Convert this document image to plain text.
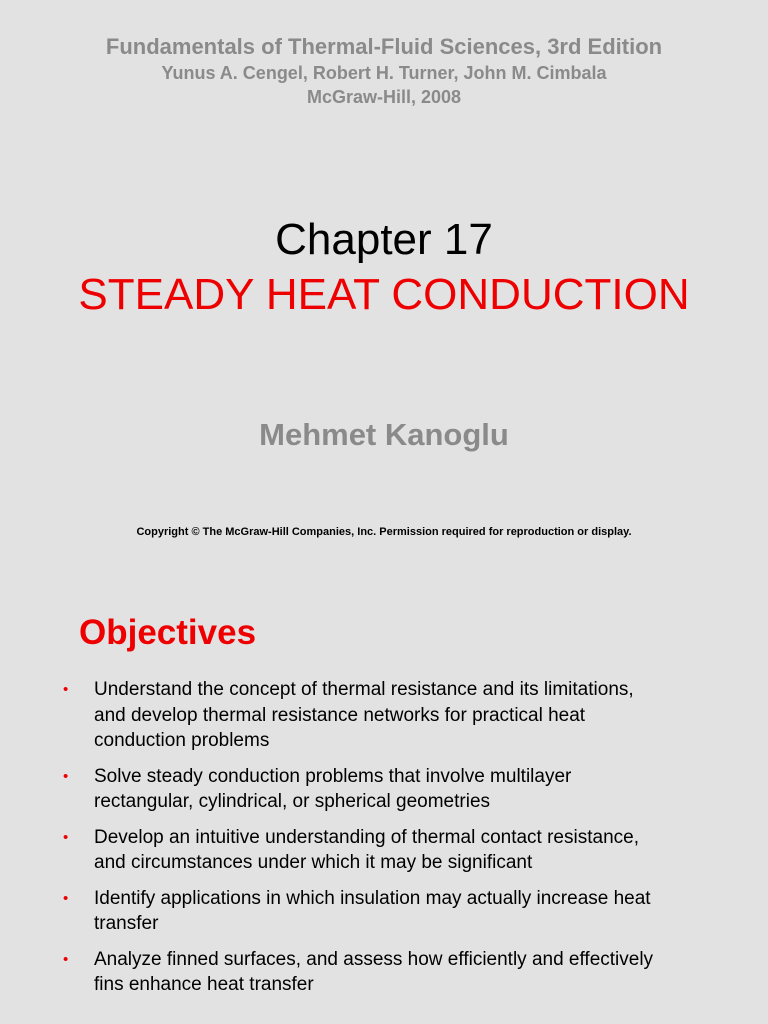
Fundamentals of Thermal-Fluid Sciences, 3rd Edition
Yunus A. Cengel, Robert H. Turner, John M. Cimbala
McGraw-Hill, 2008
Chapter 17
STEADY HEAT CONDUCTION
Mehmet Kanoglu
Copyright © The McGraw-Hill Companies, Inc. Permission required for reproduction or display.
Objectives
• Understand the concept of thermal resistance and its limitations, and develop thermal resistance networks for practical heat conduction problems
• Solve steady conduction problems that involve multilayer rectangular, cylindrical, or spherical geometries
• Develop an intuitive understanding of thermal contact resistance, and circumstances under which it may be significant
• Identify applications in which insulation may actually increase heat transfer
• Analyze finned surfaces, and assess how efficiently and effectively fins enhance heat transfer
